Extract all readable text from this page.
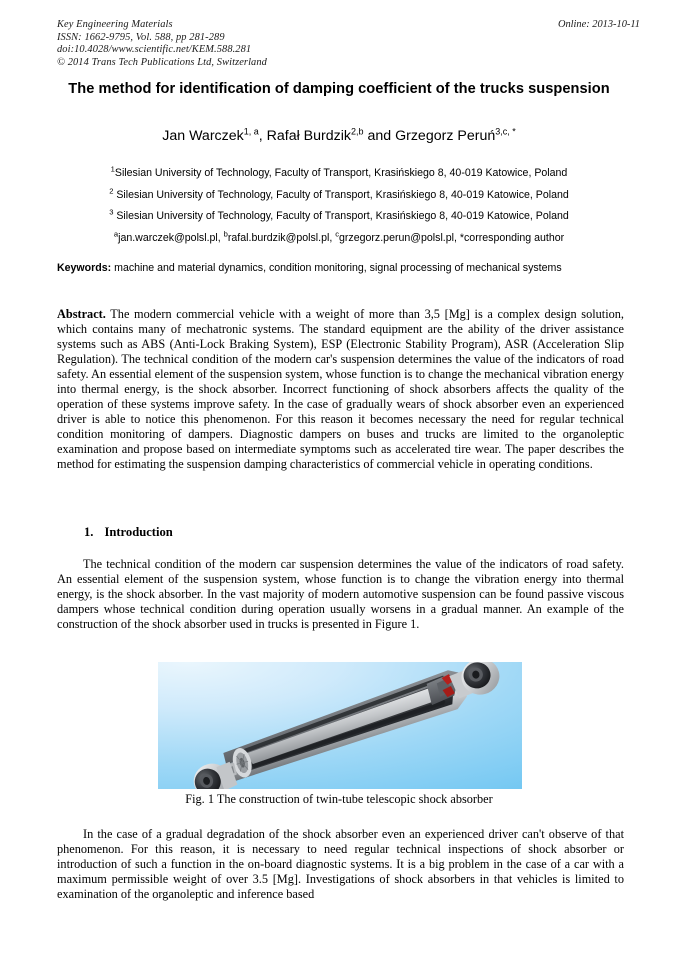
Key Engineering Materials
ISSN: 1662-9795, Vol. 588, pp 281-289
doi:10.4028/www.scientific.net/KEM.588.281
© 2014 Trans Tech Publications Ltd, Switzerland
Online: 2013-10-11
The method for identification of damping coefficient of the trucks suspension
Jan Warczek$^{1, a}$, Rafał Burdzik$^{2,b}$ and Grzegorz Peruń$^{3,c, *}$
$^1$Silesian University of Technology, Faculty of Transport, Krasińskiego 8, 40-019 Katowice, Poland
$^2$ Silesian University of Technology, Faculty of Transport, Krasińskiego 8, 40-019 Katowice, Poland
$^3$ Silesian University of Technology, Faculty of Transport, Krasińskiego 8, 40-019 Katowice, Poland
$^a$jan.warczek@polsl.pl, $^b$rafal.burdzik@polsl.pl, $^c$grzegorz.perun@polsl.pl, *corresponding author
Keywords: machine and material dynamics, condition monitoring, signal processing of mechanical systems
Abstract. The modern commercial vehicle with a weight of more than 3,5 [Mg] is a complex design solution, which contains many of mechatronic systems. The standard equipment are the ability of the driver assistance systems such as ABS (Anti-Lock Braking System), ESP (Electronic Stability Program), ASR (Acceleration Slip Regulation). The technical condition of the modern car's suspension determines the value of the indicators of road safety. An essential element of the suspension system, whose function is to change the mechanical vibration energy into thermal energy, is the shock absorber. Incorrect functioning of shock absorbers affects the quality of the operation of these systems improve safety. In the case of gradually wears of shock absorber even an experienced driver is able to notice this phenomenon. For this reason it becomes necessary the need for regular technical condition monitoring of dampers. Diagnostic dampers on buses and trucks are limited to the organoleptic examination and propose based on intermediate symptoms such as accelerated tire wear. The paper describes the method for estimating the suspension damping characteristics of commercial vehicle in operating conditions.
1. Introduction
The technical condition of the modern car suspension determines the value of the indicators of road safety. An essential element of the suspension system, whose function is to change the vibration energy into thermal energy, is the shock absorber. In the vast majority of modern automotive suspension can be found passive viscous dampers whose technical condition during operation usually worsens in a gradual manner. An example of the construction of the shock absorber used in trucks is presented in Figure 1.
Fig. 1 The construction of twin-tube telescopic shock absorber
In the case of a gradual degradation of the shock absorber even an experienced driver can't observe of that phenomenon. For this reason, it is necessary to need regular technical inspections of shock absorber or introduction of such a function in the on-board diagnostic systems. It is a big problem in the case of a car with a maximum permissible weight of over 3.5 [Mg]. Investigations of shock absorbers in that vehicles is limited to examination of the organoleptic and inference based
